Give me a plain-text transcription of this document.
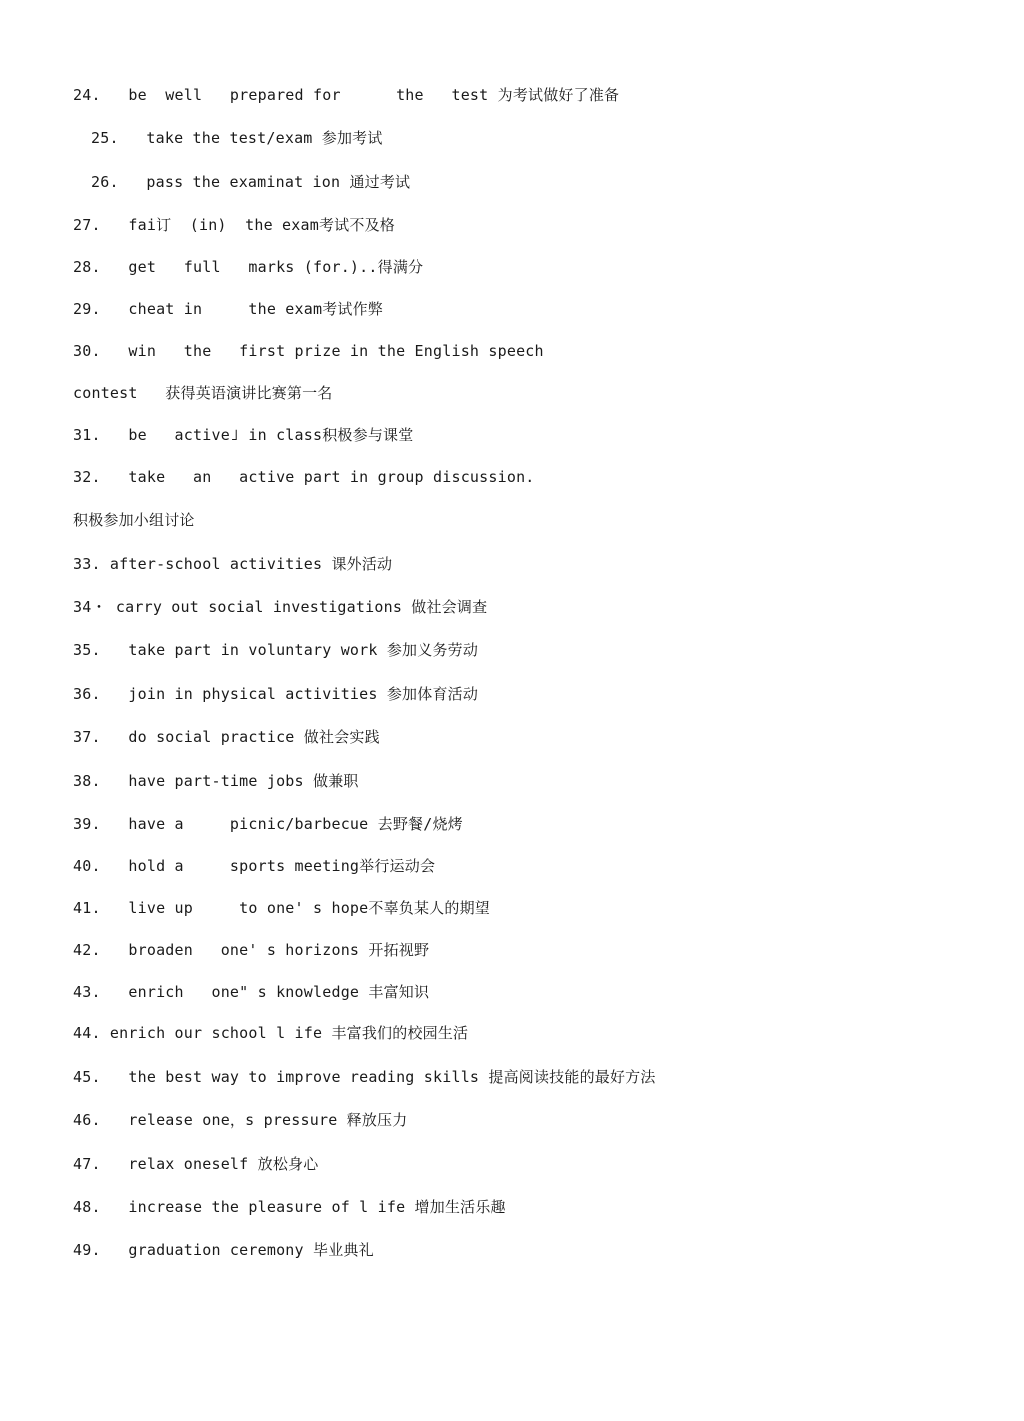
24.   be  well   prepared for      the   test 为考试做好了准备
25.   take the test/exam 参加考试
26.   pass the examinat ion 通过考试
27.   fai订  (in)  the exam考试不及格
28.   get   full   marks (for.)..得满分
29.   cheat in     the exam考试作弊
30.   win   the   first prize in the English speech
contest   获得英语演讲比赛第一名
31.   be   active˩ in class积极参与课堂
32.   take   an   active part in group discussion.
积极参加小组讨论
33. after-school activities 课外活动
34・ carry out social investigations 做社会调查
35.   take part in voluntary work 参加义务劳动
36.   join in physical activities 参加体育活动
37.   do social practice 做社会实践
38.   have part-time jobs 做兼职
39.   have a     picnic/barbecue 去野餐/烧烤
40.   hold a     sports meeting举行运动会
41.   live up     to one' s hope不辜负某人的期望
42.   broaden   one' s horizons 开拓视野
43.   enrich   one" s knowledge 丰富知识
44. enrich our school l ife 丰富我们的校园生活
45.   the best way to improve reading skills 提高阅读技能的最好方法
46.   release one，s pressure 释放压力
47.   relax oneself 放松身心
48.   increase the pleasure of l ife 增加生活乐趣
49.   graduation ceremony 毕业典礼
